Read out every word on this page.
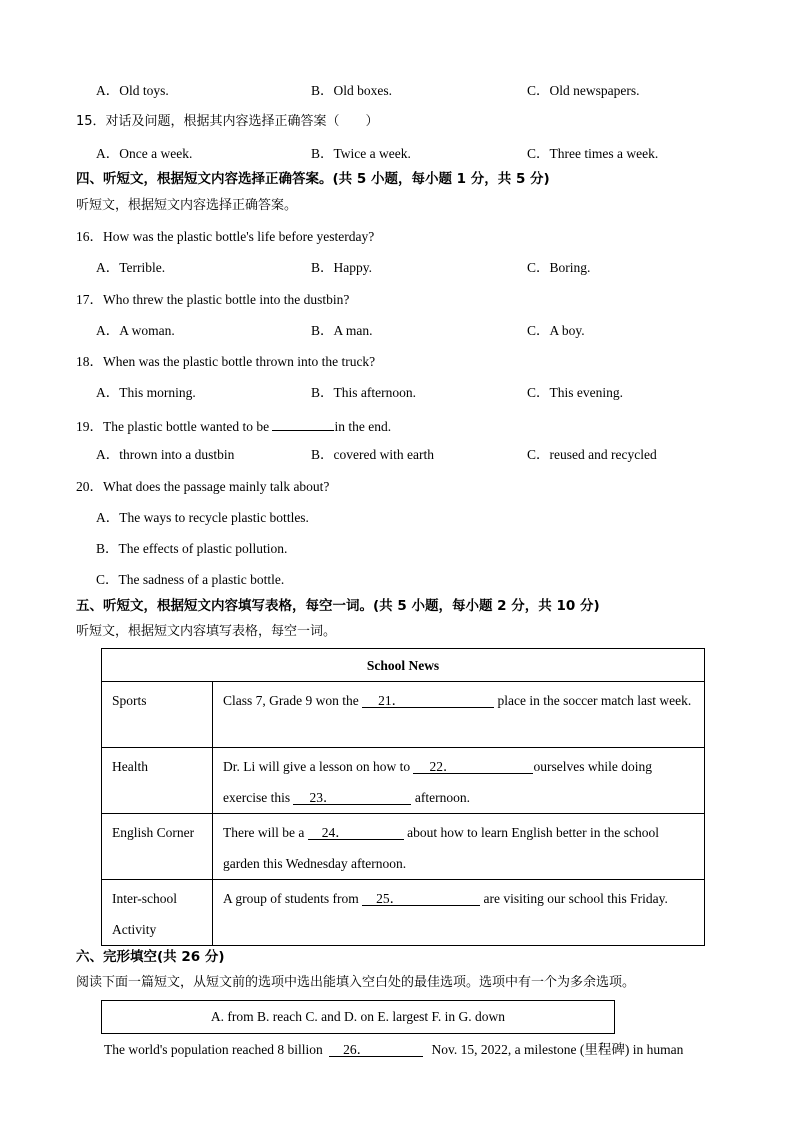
A．Old toys.	B．Old boxes.	C．Old newspapers.
15．对话及问题，根据其内容选择正确答案（　　）
A．Once a week.	B．Twice a week.	C．Three times a week.
四、听短文，根据短文内容选择正确答案。(共 5 小题，每小题 1 分，共 5 分)
听短文，根据短文内容选择正确答案。
16．How was the plastic bottle's life before yesterday?
A．Terrible.	B．Happy.	C．Boring.
17．Who threw the plastic bottle into the dustbin?
A．A woman.	B．A man.	C．A boy.
18．When was the plastic bottle thrown into the truck?
A．This morning.	B．This afternoon.	C．This evening.
19．The plastic bottle wanted to be	in the end.
A．thrown into a dustbin	B．covered with earth	C．reused and recycled
20．What does the passage mainly talk about?
A．The ways to recycle plastic bottles.
B．The effects of plastic pollution.
C．The sadness of a plastic bottle.
五、听短文，根据短文内容填写表格，每空一词。(共 5 小题，每小题 2 分，共 10 分)
听短文，根据短文内容填写表格，每空一词。
School News	
Sports	Class 7, Grade 9 won the 21． place in the soccer match last week.
Health	Dr. Li will give a lesson on how to 22． ourselves while doing
exercise this 23． afternoon.
English Corner	There will be a 24． about how to learn English better in the school garden this Wednesday afternoon.
Inter-school Activity	A group of students from 25． are visiting our school this Friday.
六、完形填空(共 26 分)
阅读下面一篇短文，从短文前的选项中选出能填入空白处的最佳选项。选项中有一个为多余选项。
A. from B. reach C. and D. on E. largest F. in G. down
The world's population reached 8 billion 26．	Nov. 15, 2022, a milestone (里程碑) in human
